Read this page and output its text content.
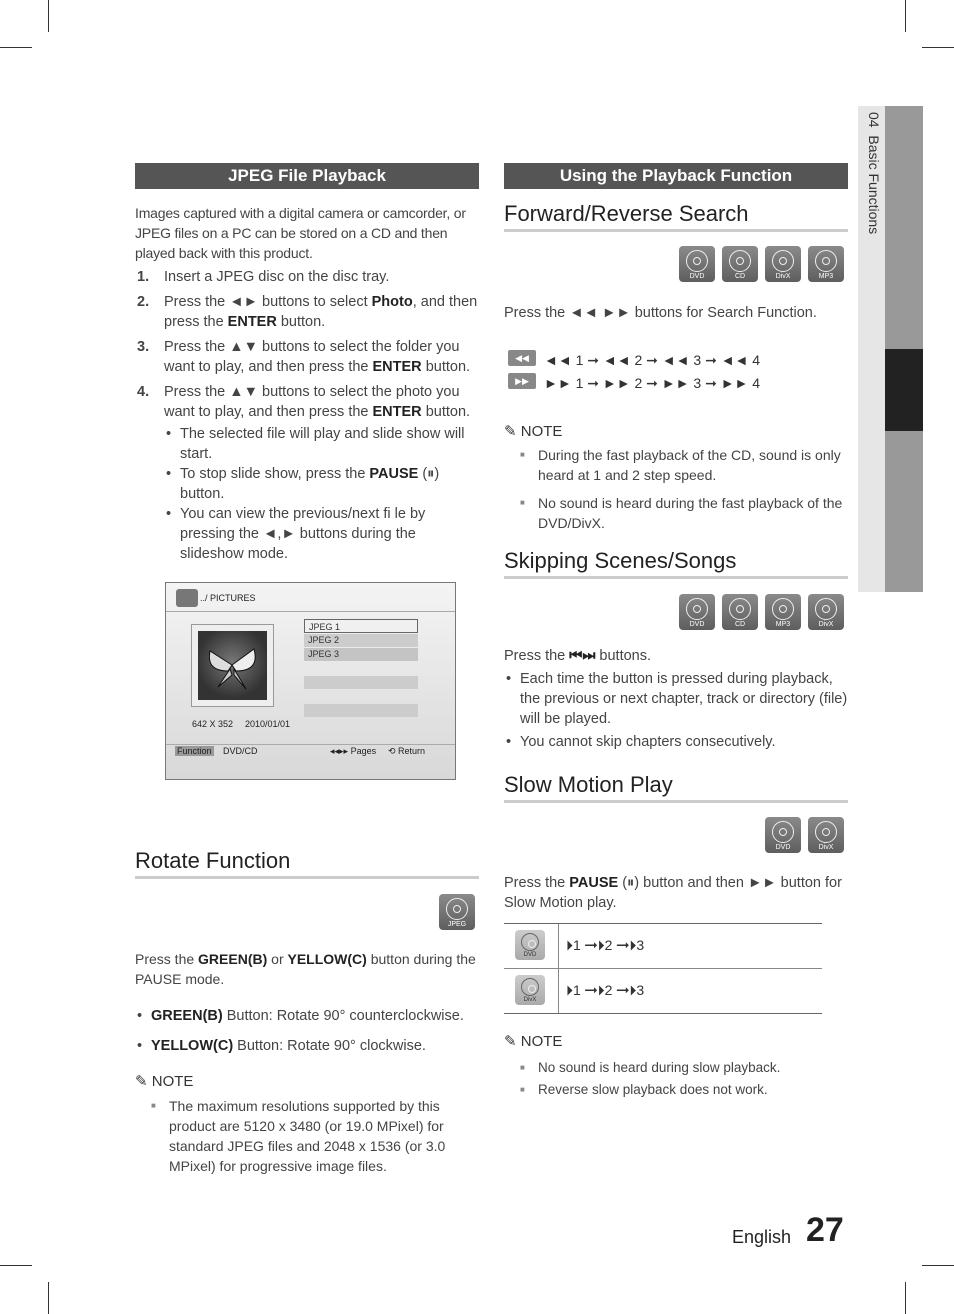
04  Basic Functions
JPEG File Playback
Images captured with a digital camera or camcorder, or JPEG files on a PC can be stored on a CD and then played back with this product.
1. Insert a JPEG disc on the disc tray.
2. Press the ◄► buttons to select Photo, and then press the ENTER button.
3. Press the ▲▼ buttons to select the folder you want to play, and then press the ENTER button.
4. Press the ▲▼ buttons to select the photo you want to play, and then press the ENTER button.
• The selected file will play and slide show will start.
• To stop slide show, press the PAUSE (⏸) button.
• You can view the previous/next fi le by pressing the ◄,► buttons during the slideshow mode.
../ PICTURES
642 X 352 2010/01/01
JPEG 1
JPEG 2
JPEG 3
Function DVD/CD	◂◂▸▸ Pages ⟲ Return
Rotate Function
JPEG
Press the GREEN(B) or YELLOW(C) button during the PAUSE mode.
• GREEN(B) Button: Rotate 90° counterclockwise.
• YELLOW(C) Button: Rotate 90° clockwise.
✎ NOTE
■ The maximum resolutions supported by this product are 5120 x 3480 (or 19.0 MPixel) for standard JPEG files and 2048 x 1536 (or 3.0 MPixel) for progressive image files.
Using the Playback Function
Forward/Reverse Search
DVD	CD	DivX	MP3
Press the ◄◄ ►► buttons for Search Function.
◀◀	◄◄ 1 ➞ ◄◄ 2 ➞ ◄◄ 3 ➞ ◄◄ 4
▶▶	►► 1 ➞ ►► 2 ➞ ►► 3 ➞ ►► 4
✎ NOTE
■ During the fast playback of the CD, sound is only heard at 1 and 2 step speed.
■ No sound is heard during the fast playback of the DVD/DivX.
Skipping Scenes/Songs
DVD	CD	MP3	DivX
Press the ⏮⏭ buttons.
• Each time the button is pressed during playback, the previous or next chapter, track or directory (file) will be played.
• You cannot skip chapters consecutively.
Slow Motion Play
DVD	DivX
Press the PAUSE (⏸) button and then ►► button for Slow Motion play.
DVD
⏵1 ➞⏵2 ➞⏵3
DivX
⏵1 ➞⏵2 ➞⏵3
✎ NOTE
■ No sound is heard during slow playback.
■ Reverse slow playback does not work.
English 27
